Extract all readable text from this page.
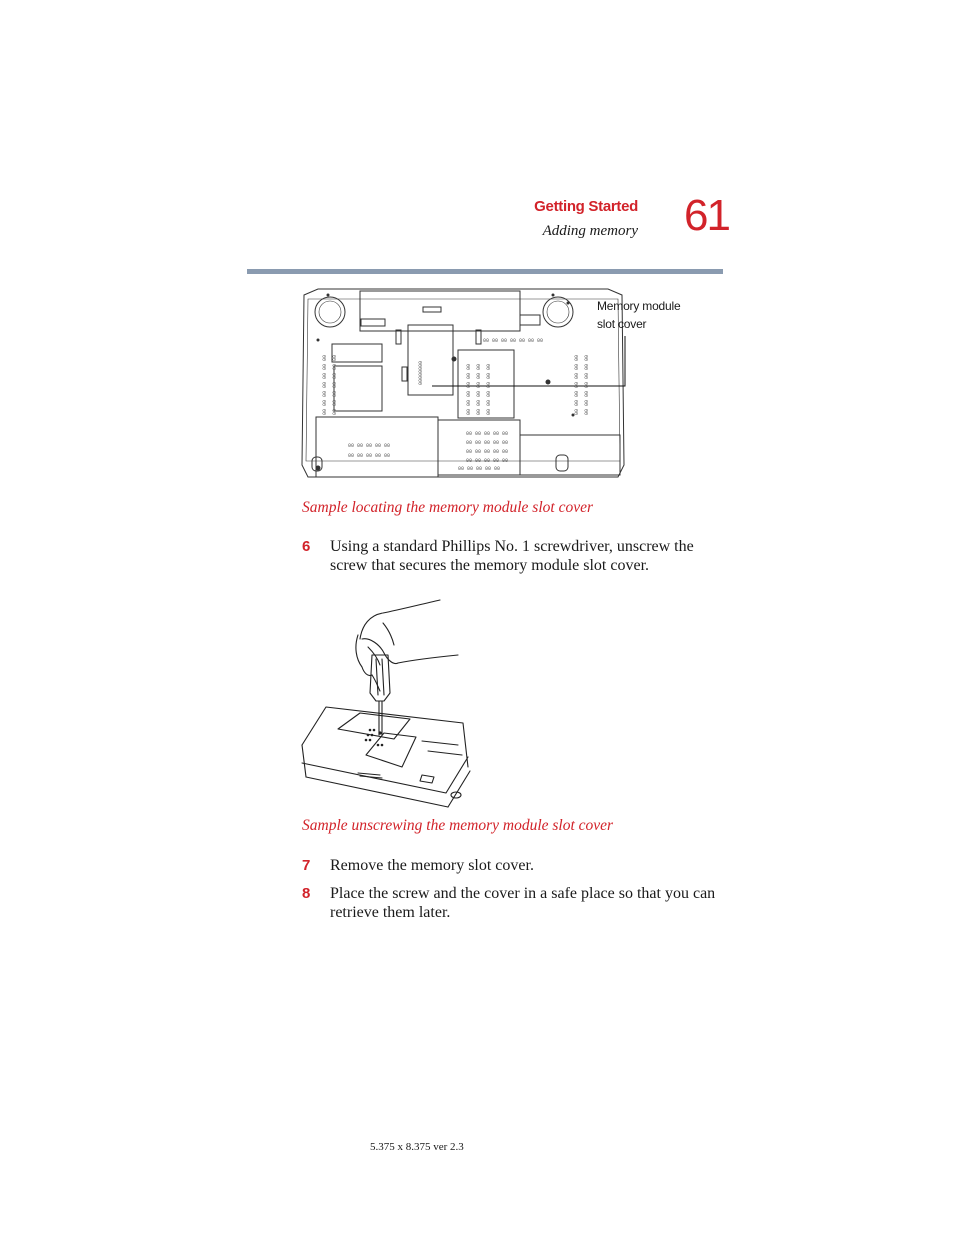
Getting Started
Adding memory 61
00 00 00 00 00 00 00
00 00 00 00 00
00 00 00 00 00
00 00 00 00 00
00 00 00 00 00
00 00 00 00 00
00 00 00 00 00
00 00 00 00 00
00 00 00 00 00 00 00 00 00 00 00 00 00 00	00 00 00 00 00 00 00 00 00 00 00 00 00 00
00 00 00 00 00 00 00 00 00 00 00 00 00 00 00 00 00 00
00000000
Memory module
slot cover
Sample locating the memory module slot cover
6 Using a standard Phillips No. 1 screwdriver, unscrew the screw that secures the memory module slot cover.
Sample unscrewing the memory module slot cover
7 Remove the memory slot cover.
8 Place the screw and the cover in a safe place so that you can retrieve them later.
5.375 x 8.375 ver 2.3
